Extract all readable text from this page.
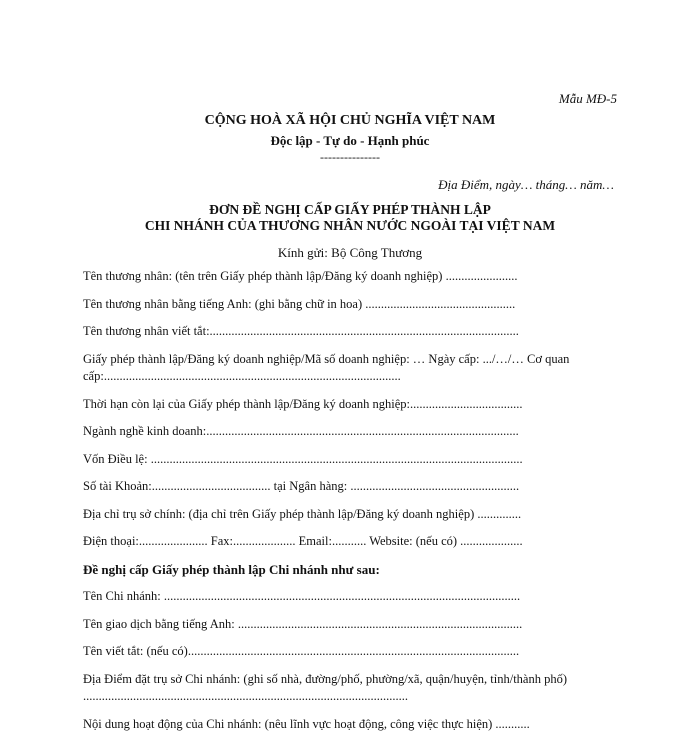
Mẫu MĐ-5
CỘNG HOÀ XÃ HỘI CHỦ NGHĨA VIỆT NAM
Độc lập - Tự do - Hạnh phúc
---------------
Địa Điểm, ngày… tháng… năm…
ĐƠN ĐỀ NGHỊ CẤP GIẤY PHÉP THÀNH LẬP
CHI NHÁNH CỦA THƯƠNG NHÂN NƯỚC NGOÀI TẠI VIỆT NAM
Kính gửi: Bộ Công Thương
Tên thương nhân: (tên trên Giấy phép thành lập/Đăng ký doanh nghiệp) .......................
Tên thương nhân bằng tiếng Anh: (ghi bằng chữ in hoa) ................................................
Tên thương nhân viết tắt:...................................................................................................
Giấy phép thành lập/Đăng ký doanh nghiệp/Mã số doanh nghiệp: … Ngày cấp: .../…/… Cơ quan cấp:...............................................................................................
Thời hạn còn lại của Giấy phép thành lập/Đăng ký doanh nghiệp:....................................
Ngành nghề kinh doanh:....................................................................................................
Vốn Điều lệ: .......................................................................................................................
Số tài Khoản:...................................... tại Ngân hàng: ......................................................
Địa chỉ trụ sở chính: (địa chỉ trên Giấy phép thành lập/Đăng ký doanh nghiệp) ..............
Điện thoại:...................... Fax:.................... Email:........... Website: (nếu có) ....................
Đề nghị cấp Giấy phép thành lập Chi nhánh như sau:
Tên Chi nhánh: ..................................................................................................................
Tên giao dịch bằng tiếng Anh: ...........................................................................................
Tên viết tắt: (nếu có)..........................................................................................................
Địa Điểm đặt trụ sở Chi nhánh: (ghi số nhà, đường/phố, phường/xã, quận/huyện, tỉnh/thành phố) ........................................................................................................
Nội dung hoạt động của Chi nhánh: (nêu lĩnh vực hoạt động, công việc thực hiện) ...........
